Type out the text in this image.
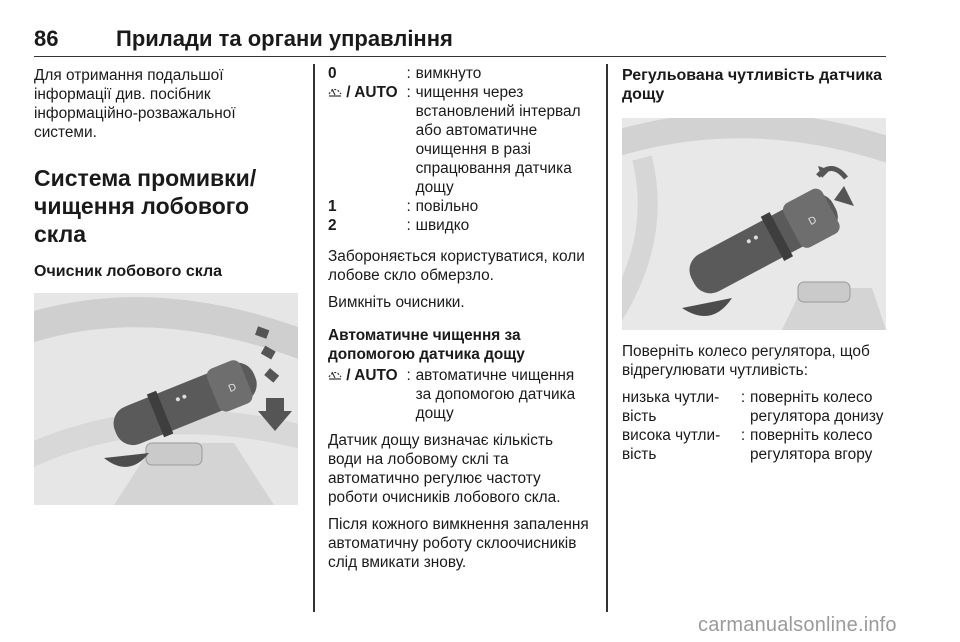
86	Прилади та органи управління

Для отримання подальшої інформації див. посібник інформаційно-розважальної системи.

Система промивки/ чищення лобового скла
Очисник лобового скла
D
0	:	вимкнуто
/ AUTO	:	чищення через встановлений інтервал або автоматичне очищення в разі спрацювання датчика дощу
1	:	повільно
2	:	швидко

Забороняється користуватися, коли лобове скло обмерзло.

Вимкніть очисники.

Автоматичне чищення за допомогою датчика дощу
/ AUTO	:	автоматичне чищення за допомогою датчика дощу

Датчик дощу визначає кількість води на лобовому склі та автоматично регулює частоту роботи очисників лобового скла.

Після кожного вимкнення запалення автоматичну роботу склоочисників слід вмикати знову.

Регульована чутливість датчика дощу
D

Поверніть колесо регулятора, щоб відрегулювати чутливість:

низька чутли- вість	:	поверніть колесо регулятора донизу
висока чутли- вість	:	поверніть колесо регулятора вгору
carmanualsonline.info
